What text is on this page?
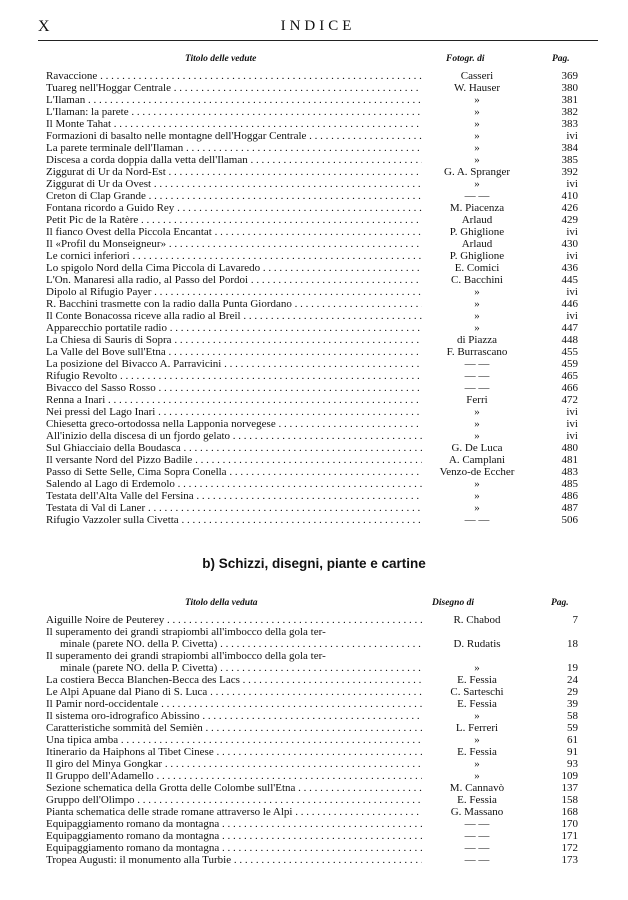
X	INDICE
Titolo delle vedute	Fotogr. di	Pag.
Ravaccione . . .	Casseri	369
Tuareg nell'Hoggar Centrale . . .	W. Hauser	380
L'Ilaman . . .	»	381
L'Ilaman: la parete . . .	»	382
Il Monte Tahat . . .	»	383
Formazioni di basalto nelle montagne dell'Hoggar Centrale . . .	»	ivi
La parete terminale dell'Ilaman . . .	»	384
Discesa a corda doppia dalla vetta dell'Ilaman . . .	»	385
Ziggurat di Ur da Nord-Est . . .	G. A. Spranger	392
Ziggurat di Ur da Ovest . . .	»	ivi
Creton di Clap Grande . . .	— —	410
Fontana ricordo a Guido Rey . . .	M. Piacenza	426
Petit Pic de la Ratère . . .	Arlaud	429
Il fianco Ovest della Piccola Encantat . . .	P. Ghiglione	ivi
Il «Profil du Monseigneur» . . .	Arlaud	430
Le cornici inferiori . . .	P. Ghiglione	ivi
Lo spigolo Nord della Cima Piccola di Lavaredo . . .	E. Comici	436
L'On. Manaresi alla radio, al Passo del Pordoi . . .	C. Bacchini	445
Dipolo al Rifugio Payer . . .	»	ivi
R. Bacchini trasmette con la radio dalla Punta Giordano . . .	»	446
Il Conte Bonacossa riceve alla radio al Breil . . .	»	ivi
Apparecchio portatile radio . . .	»	447
La Chiesa di Sauris di Sopra . . .	di Piazza	448
La Valle del Bove sull'Etna . . .	F. Burrascano	455
La posizione del Bivacco A. Parravicini . . .	— —	459
Rifugio Revolto . . .	— —	465
Bivacco del Sasso Rosso . . .	— —	466
Renna a Inari . . .	Ferri	472
Nei pressi del Lago Inari . . .	»	ivi
Chiesetta greco-ortodossa nella Lapponia norvegese . . .	»	ivi
All'inizio della discesa di un fjordo gelato . . .	»	ivi
Sul Ghiacciaio della Boudasca . . .	G. De Luca	480
Il versante Nord del Pizzo Badile . . .	A. Camplani	481
Passo di Sette Selle, Cima Sopra Conella . . .	Venzo-de Eccher	483
Salendo al Lago di Erdemolo . . .	»	485
Testata dell'Alta Valle del Fersina . . .	»	486
Testata di Val di Laner . . .	»	487
Rifugio Vazzoler sulla Civetta . . .	— —	506
b) Schizzi, disegni, piante e cartine
Titolo della veduta	Disegno di	Pag.
Aiguille Noire de Peuterey . . .	R. Chabod	7
Il superamento dei grandi strapiombi all'imbocco della gola ter-
minale (parete NO. della P. Civetta) . . .	D. Rudatis	18
Il superamento dei grandi strapiombi all'imbocco della gola ter-
minale (parete NO. della P. Civetta) . . .	»	19
La costiera Becca Blanchen-Becca des Lacs . . .	E. Fessia	24
Le Alpi Apuane dal Piano di S. Luca . . .	C. Sarteschi	29
Il Pamir nord-occidentale . . .	E. Fessia	39
Il sistema oro-idrografico Abissino . . .	»	58
Caratteristiche sommità del Semièn . . .	L. Ferreri	59
Una tipica amba . . .	»	61
Itinerario da Haiphons al Tibet Cinese . . .	E. Fessia	91
Il giro del Minya Gongkar . . .	»	93
Il Gruppo dell'Adamello . . .	»	109
Sezione schematica della Grotta delle Colombe sull'Etna . . .	M. Cannavò	137
Gruppo dell'Olimpo . . .	E. Fessia	158
Pianta schematica delle strade romane attraverso le Alpi . . .	G. Massano	168
Equipaggiamento romano da montagna . . .	— —	170
Equipaggiamento romano da montagna . . .	— —	171
Equipaggiamento romano da montagna . . .	— —	172
Tropea Augusti: il monumento alla Turbie . . .	— —	173
